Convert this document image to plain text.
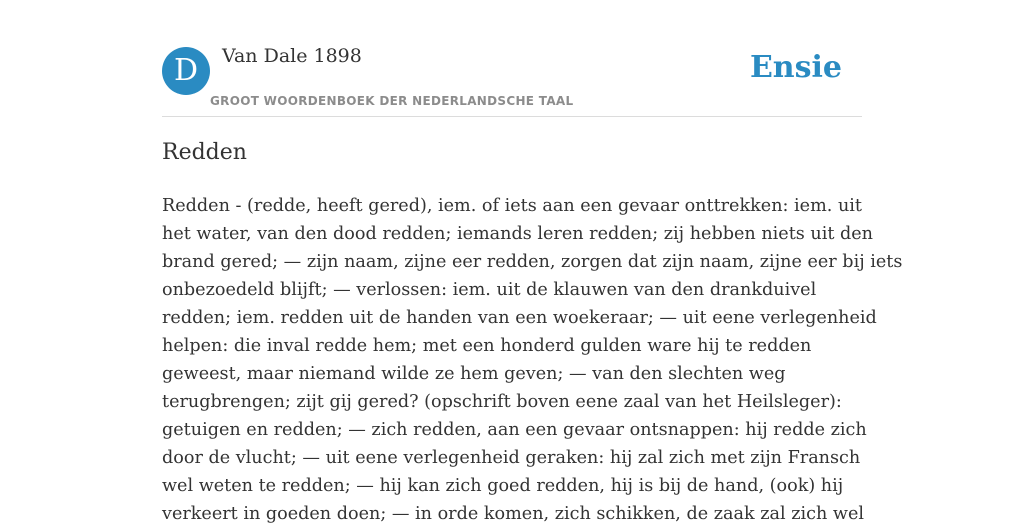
D	Van Dale 1898
GROOT WOORDENBOEK DER NEDERLANDSCHE TAAL
Ensie
Redden
Redden - (redde, heeft gered), iem. of iets aan een gevaar onttrekken: iem. uit
het water, van den dood redden; iemands leren redden; zij hebben niets uit den
brand gered; — zijn naam, zijne eer redden, zorgen dat zijn naam, zijne eer bij iets
onbezoedeld blijft; — verlossen: iem. uit de klauwen van den drankduivel
redden; iem. redden uit de handen van een woekeraar; — uit eene verlegenheid
helpen: die inval redde hem; met een honderd gulden ware hij te redden
geweest, maar niemand wilde ze hem geven; — van den slechten weg
terugbrengen; zijt gij gered? (opschrift boven eene zaal van het Heilsleger):
getuigen en redden; — zich redden, aan een gevaar ontsnappen: hij redde zich
door de vlucht; — uit eene verlegenheid geraken: hij zal zich met zijn Fransch
wel weten te redden; — hij kan zich goed redden, hij is bij de hand, (ook) hij
verkeert in goeden doen; — in orde komen, zich schikken, de zaak zal zich wel
